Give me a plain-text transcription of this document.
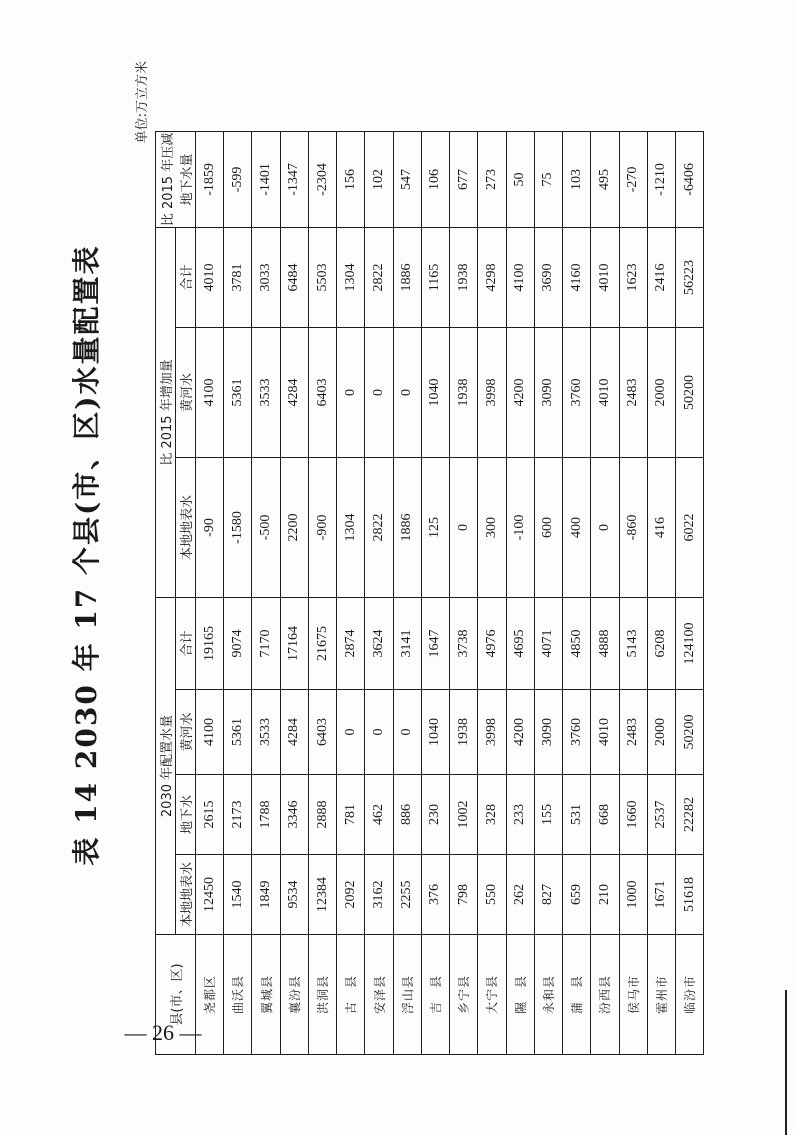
— 26 —
表 14 2030 年 17 个县(市、区)水量配置表
单位:万立方米
县(市、区)	2030 年配置水量				比 2015 年增加量			比 2015 年压减地下水量
	本地地表水	地下水	黄河水	合计	本地地表水	黄河水	合计	
尧都区	12450	2615	4100	19165	-90	4100	4010	-1859
曲沃县	1540	2173	5361	9074	-1580	5361	3781	-599
翼城县	1849	1788	3533	7170	-500	3533	3033	-1401
襄汾县	9534	3346	4284	17164	2200	4284	6484	-1347
洪洞县	12384	2888	6403	21675	-900	6403	5503	-2304
古　县	2092	781	0	2874	1304	0	1304	156
安泽县	3162	462	0	3624	2822	0	2822	102
浮山县	2255	886	0	3141	1886	0	1886	547
吉　县	376	230	1040	1647	125	1040	1165	106
乡宁县	798	1002	1938	3738	0	1938	1938	677
大宁县	550	328	3998	4976	300	3998	4298	273
隰　县	262	233	4200	4695	-100	4200	4100	50
永和县	827	155	3090	4071	600	3090	3690	75
蒲　县	659	531	3760	4850	400	3760	4160	103
汾西县	210	668	4010	4888	0	4010	4010	495
侯马市	1000	1660	2483	5143	-860	2483	1623	-270
霍州市	1671	2537	2000	6208	416	2000	2416	-1210
临汾市	51618	22282	50200	124100	6022	50200	56223	-6406
